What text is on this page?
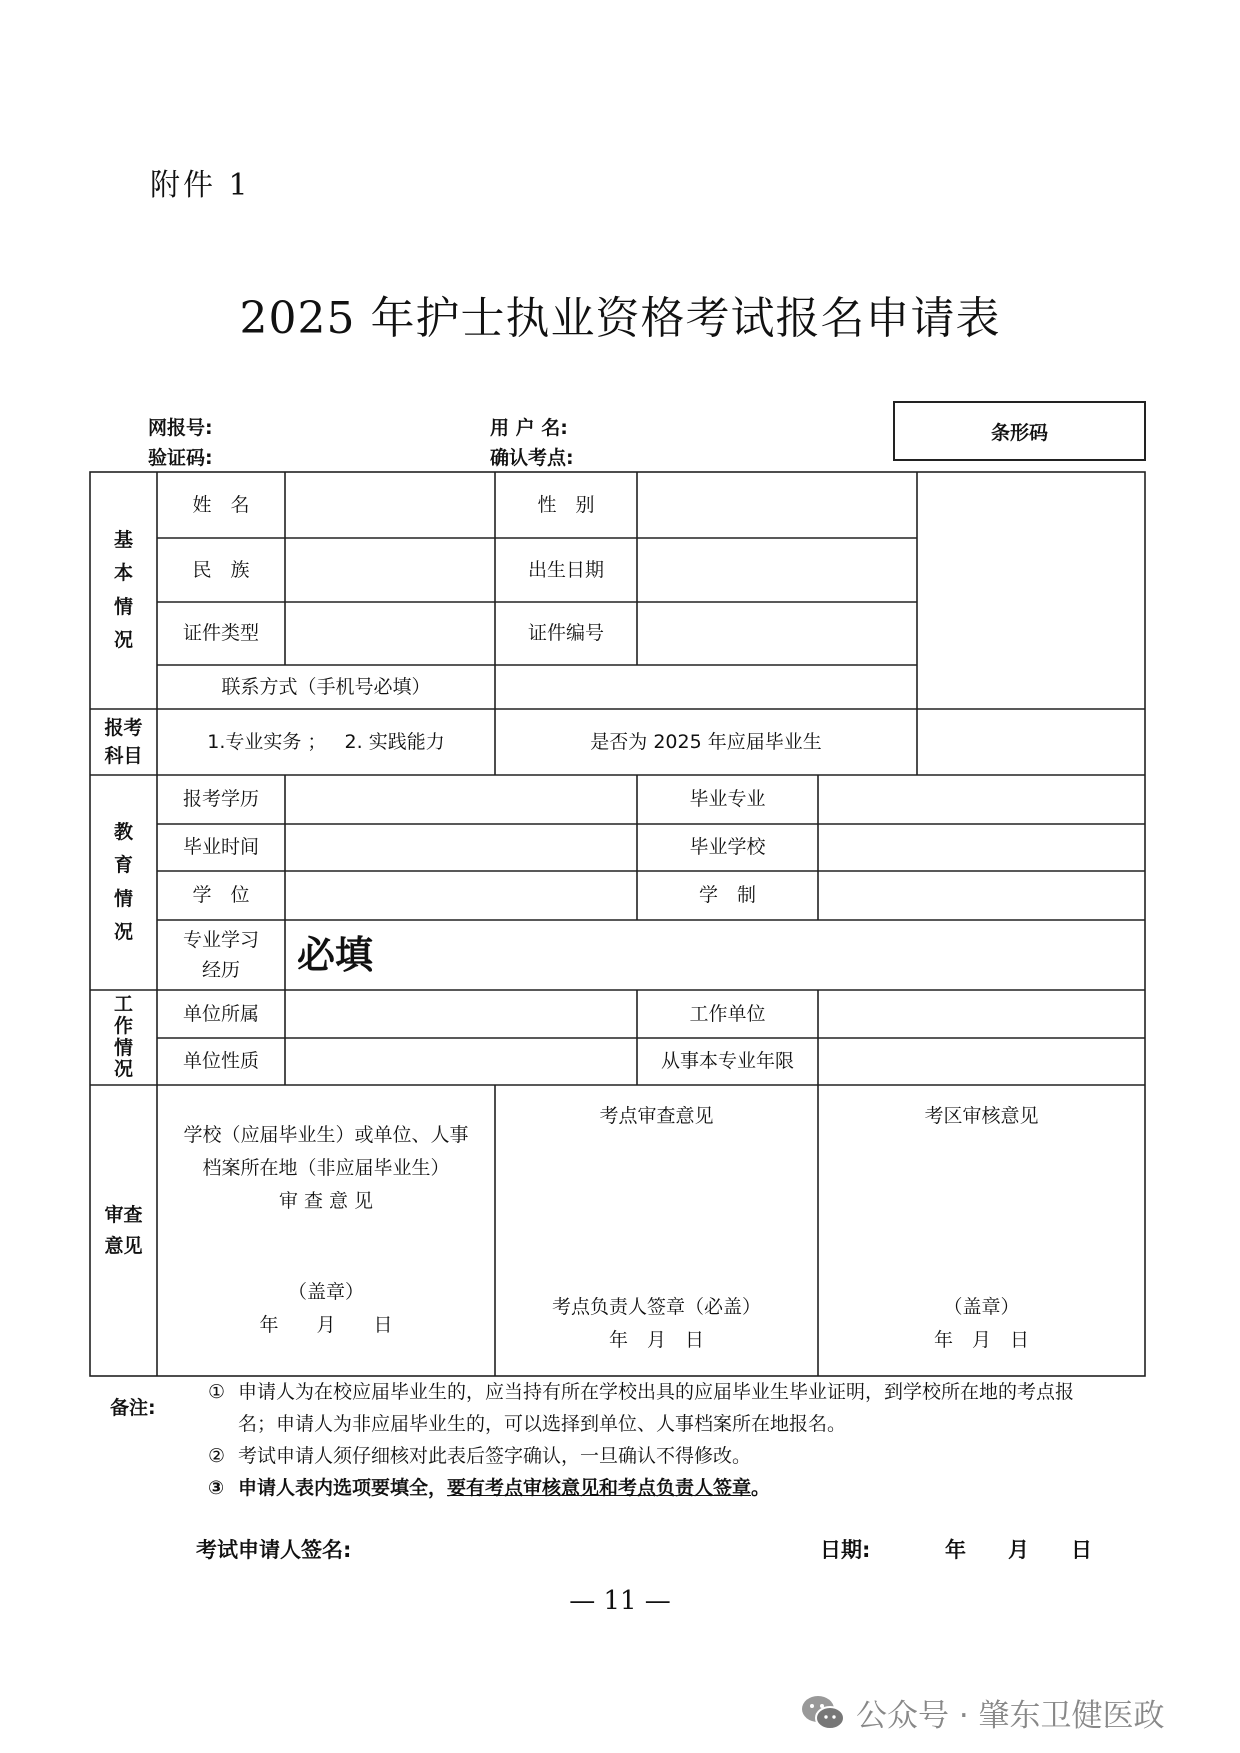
附件 1
2025 年护士执业资格考试报名申请表
网报号:	用 户 名:
验证码:	确认考点:
条形码
基
本
情
况
姓　名	性　别
民　族	出生日期
证件类型	证件编号
联系方式（手机号必填）
报考
科目
1.专业实务 ；   2. 实践能力	是否为 2025 年应届毕业生
教
育
情
况
报考学历	毕业专业
毕业时间	毕业学校
学　位	学　制
专业学习
经历	必填
工
作
情
况
单位所属	工作单位
单位性质	从事本专业年限
审查
意见
学校（应届毕业生）或单位、人事
档案所在地（非应届毕业生）
审 查 意 见
（盖章）
年　　月　　日
考点审查意见
考点负责人签章（必盖）
年　月　日
考区审核意见
（盖章）
年　月　日
备注:
① 申请人为在校应届毕业生的，应当持有所在学校出具的应届毕业生毕业证明，到学校所在地的考点报
名；申请人为非应届毕业生的，可以选择到单位、人事档案所在地报名。
② 考试申请人须仔细核对此表后签字确认，一旦确认不得修改。
③ 申请人表内选项要填全，要有考点审核意见和考点负责人签章。
考试申请人签名:	日期:	年　　月　　日
— 11 —
公众号 · 肇东卫健医政
